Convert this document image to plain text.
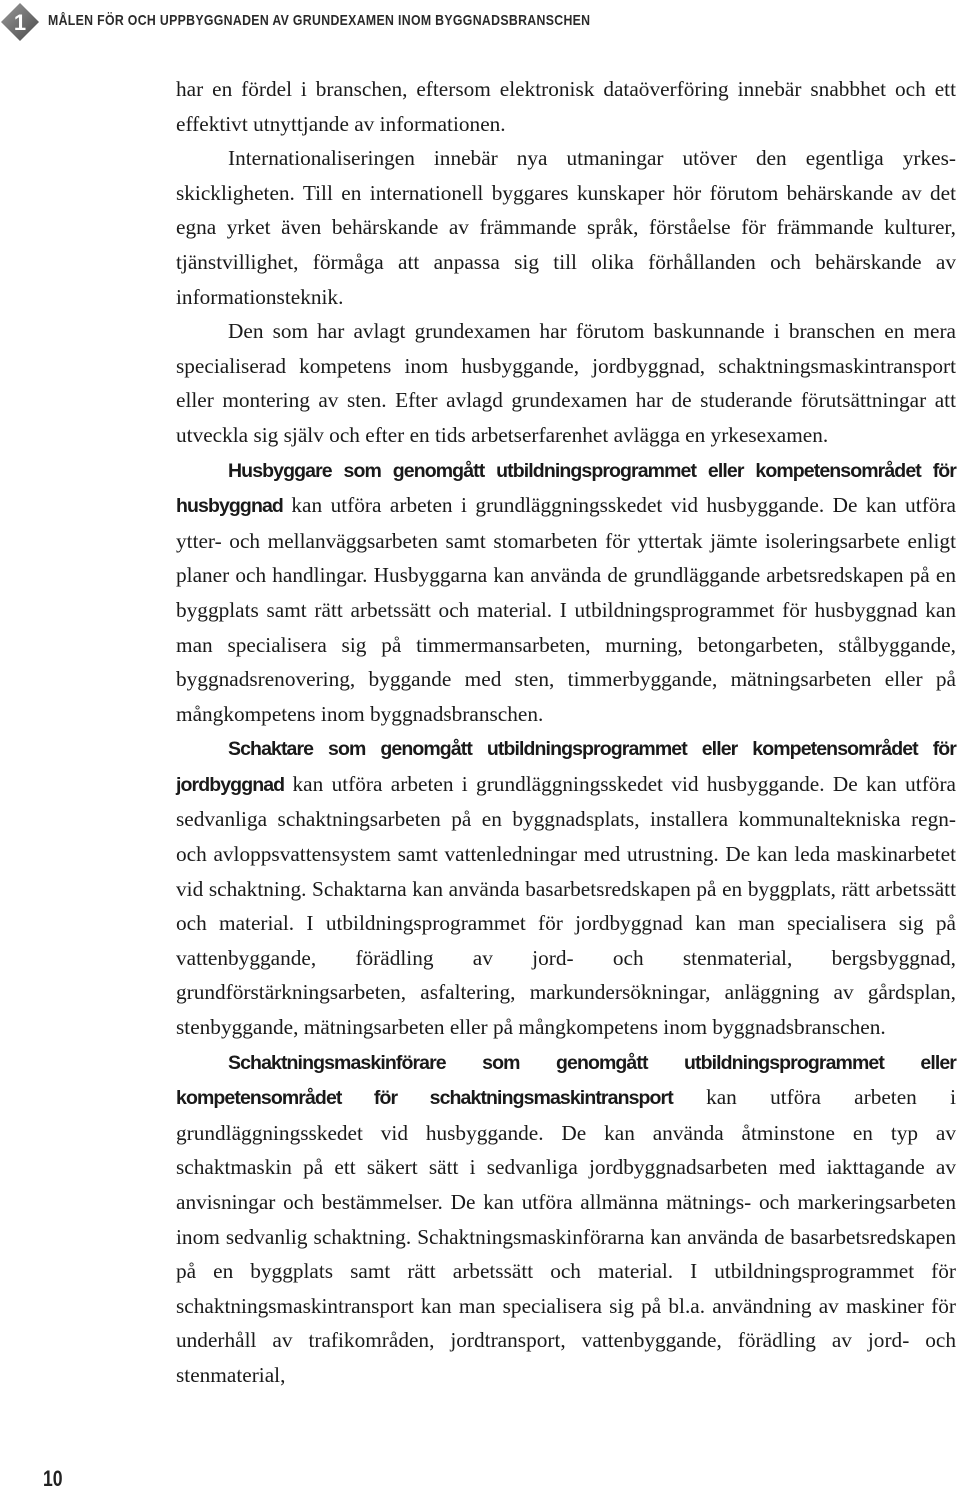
1 MÅLEN FÖR OCH UPPBYGGNADEN AV GRUNDEXAMEN INOM BYGGNADSBRANSCHEN

har en fördel i branschen, eftersom elektronisk dataöverföring innebär snabbhet och ett effektivt utnyttjande av informationen.

Internationaliseringen innebär nya utmaningar utöver den egentliga yrkesskickligheten. Till en internationell byggares kunskaper hör förutom behärskande av det egna yrket även behärskande av främmande språk, förståelse för främmande kulturer, tjänstvillighet, förmåga att anpassa sig till olika förhållanden och behärskande av informationsteknik.

Den som har avlagt grundexamen har förutom baskunnande i branschen en mera specialiserad kompetens inom husbyggande, jordbyggnad, schaktningsmaskintransport eller montering av sten. Efter avlagd grundexamen har de studerande förutsättningar att utveckla sig själv och efter en tids arbetserfarenhet avlägga en yrkesexamen.

Husbyggare som genomgått utbildningsprogrammet eller kompetensområdet för husbyggnad kan utföra arbeten i grundläggningsskedet vid husbyggande. De kan utföra ytter- och mellanväggsarbeten samt stomarbeten för yttertak jämte isoleringsarbete enligt planer och handlingar. Husbyggarna kan använda de grundläggande arbetsredskapen på en byggplats samt rätt arbetssätt och material. I utbildningsprogrammet för husbyggnad kan man specialisera sig på timmermansarbeten, murning, betongarbeten, stålbyggande, byggnadsrenovering, byggande med sten, timmerbyggande, mätningsarbeten eller på mångkompetens inom byggnadsbranschen.

Schaktare som genomgått utbildningsprogrammet eller kompetensområdet för jordbyggnad kan utföra arbeten i grundläggningsskedet vid husbyggande. De kan utföra sedvanliga schaktningsarbeten på en byggnadsplats, installera kommunaltekniska regn- och avloppsvattensystem samt vattenledningar med utrustning. De kan leda maskinarbetet vid schaktning. Schaktarna kan använda basarbetsredskapen på en byggplats, rätt arbetssätt och material. I utbildningsprogrammet för jordbyggnad kan man specialisera sig på vattenbyggande, förädling av jord- och stenmaterial, bergsbyggnad, grundförstärkningsarbeten, asfaltering, markundersökningar, anläggning av gårdsplan, stenbyggande, mätningsarbeten eller på mångkompetens inom byggnadsbranschen.

Schaktningsmaskinförare som genomgått utbildningsprogrammet eller kompetensområdet för schaktningsmaskintransport kan utföra arbeten i grundläggningsskedet vid husbyggande. De kan använda åtminstone en typ av schaktmaskin på ett säkert sätt i sedvanliga jordbyggnadsarbeten med iakttagande av anvisningar och bestämmelser. De kan utföra allmänna mätnings- och markeringsarbeten inom sedvanlig schaktning. Schaktningsmaskinförarna kan använda de basarbetsredskapen på en byggplats samt rätt arbetssätt och material. I utbildningsprogrammet för schaktningsmaskintransport kan man specialisera sig på bl.a. användning av maskiner för underhåll av trafikområden, jordtransport, vattenbyggande, förädling av jord- och stenmaterial,

10
